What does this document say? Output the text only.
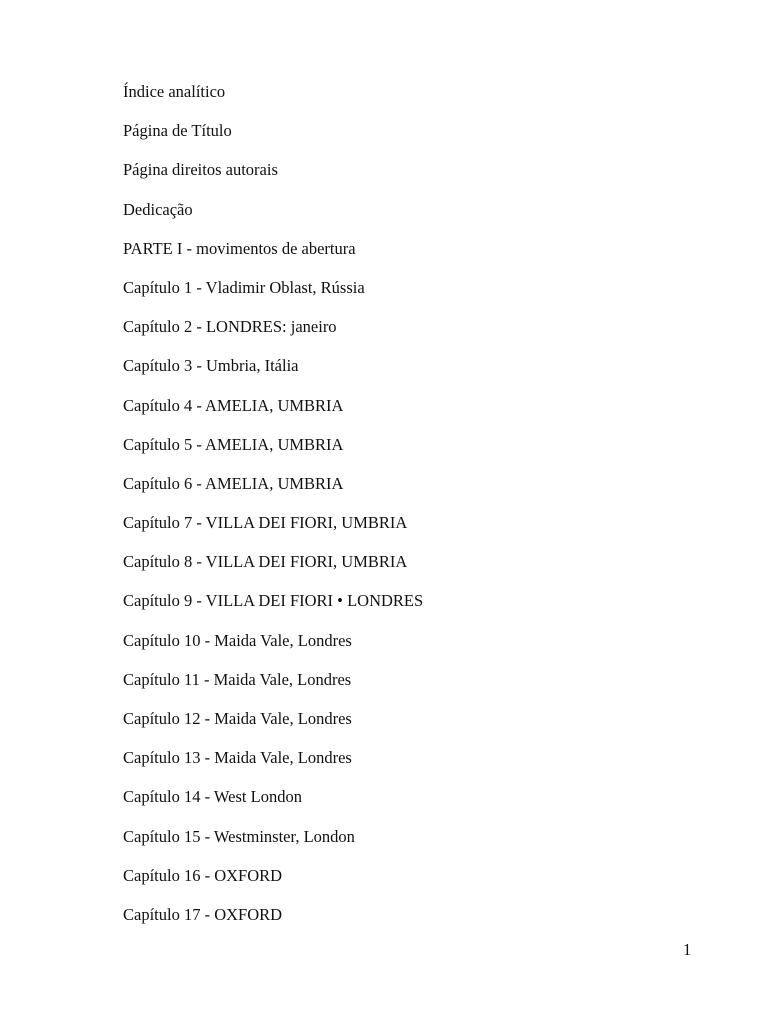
Índice analítico
Página de Título
Página direitos autorais
Dedicação
PARTE I - movimentos de abertura
Capítulo 1 - Vladimir Oblast, Rússia
Capítulo 2 - LONDRES: janeiro
Capítulo 3 - Umbria, Itália
Capítulo 4 - AMELIA, UMBRIA
Capítulo 5 - AMELIA, UMBRIA
Capítulo 6 - AMELIA, UMBRIA
Capítulo 7 - VILLA DEI FIORI, UMBRIA
Capítulo 8 - VILLA DEI FIORI, UMBRIA
Capítulo 9 - VILLA DEI FIORI • LONDRES
Capítulo 10 - Maida Vale, Londres
Capítulo 11 - Maida Vale, Londres
Capítulo 12 - Maida Vale, Londres
Capítulo 13 - Maida Vale, Londres
Capítulo 14 - West London
Capítulo 15 - Westminster, London
Capítulo 16 - OXFORD
Capítulo 17 - OXFORD
1
